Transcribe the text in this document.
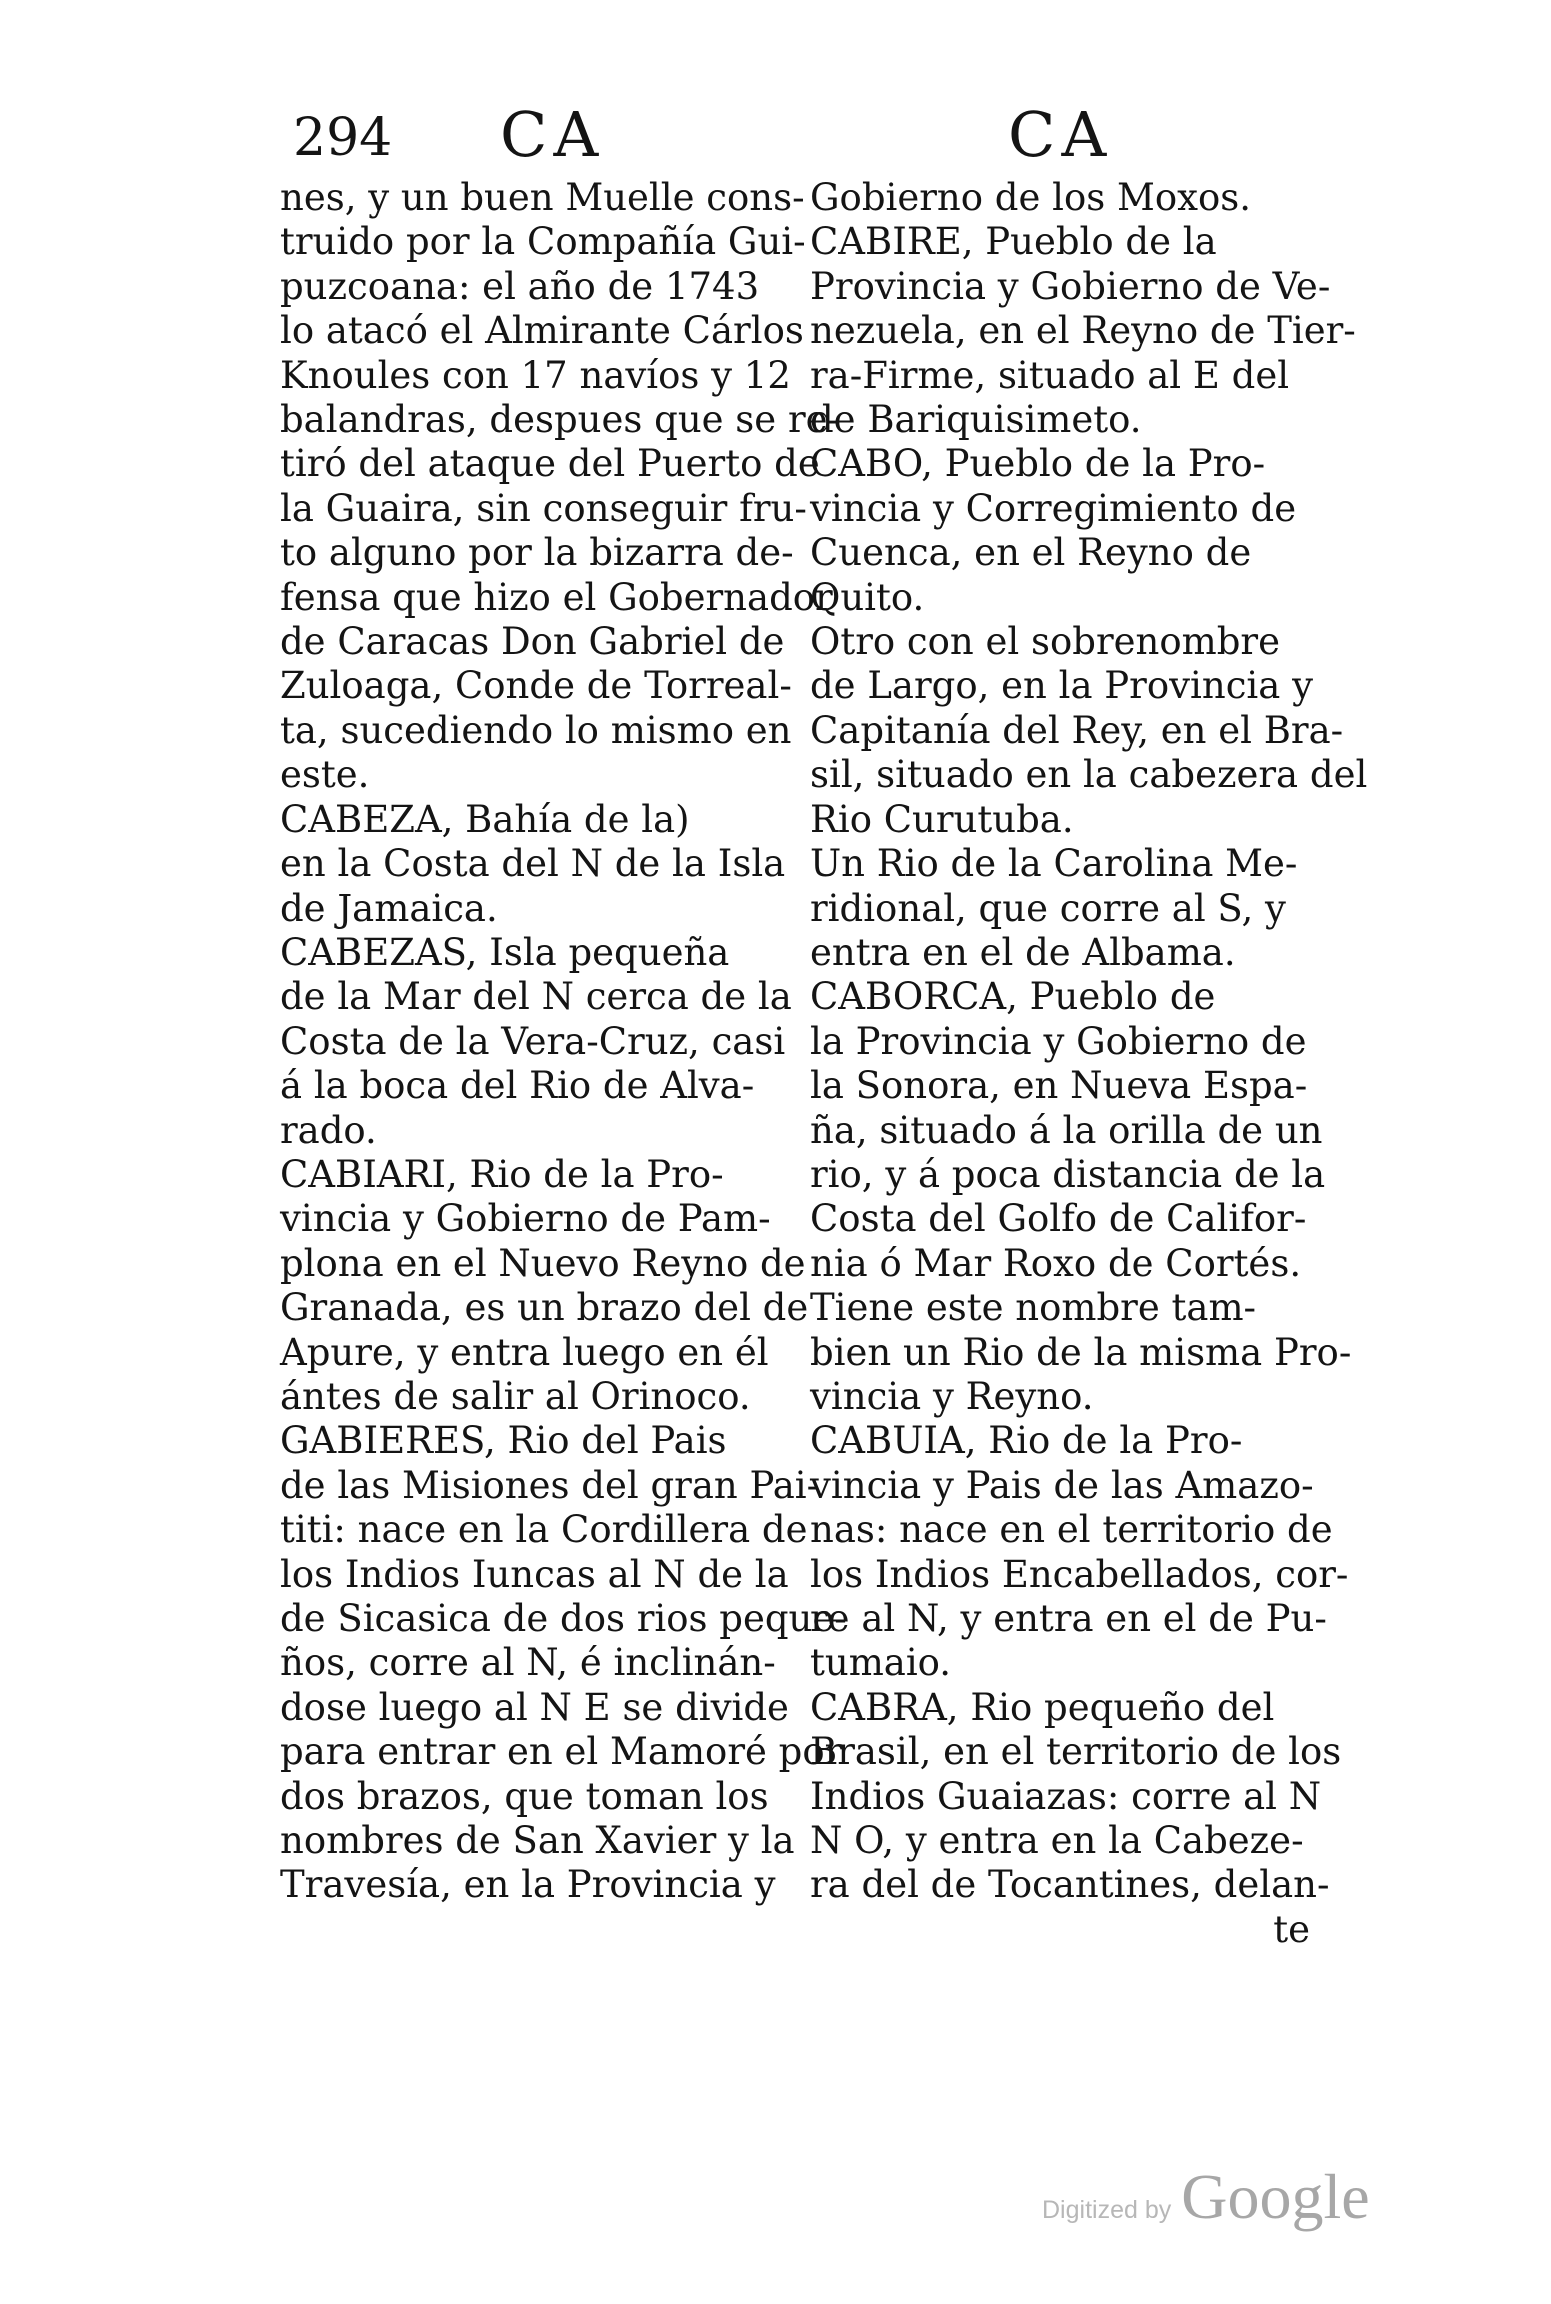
294 CA	CA
nes, y un buen Muelle cons-
truido por la Compañía Gui-
puzcoana: el año de 1743
lo atacó el Almirante Cárlos
Knoules con 17 navíos y 12
balandras, despues que se re-
tiró del ataque del Puerto de
la Guaira, sin conseguir fru-
to alguno por la bizarra de-
fensa que hizo el Gobernador
de Caracas Don Gabriel de
Zuloaga, Conde de Torreal-
ta, sucediendo lo mismo en
este.
CABEZA, Bahía de la)
en la Costa del N de la Isla
de Jamaica.
CABEZAS, Isla pequeña
de la Mar del N cerca de la
Costa de la Vera-Cruz, casi
á la boca del Rio de Alva-
rado.
CABIARI, Rio de la Pro-
vincia y Gobierno de Pam-
plona en el Nuevo Reyno de
Granada, es un brazo del de
Apure, y entra luego en él
ántes de salir al Orinoco.
GABIERES, Rio del Pais
de las Misiones del gran Pai-
titi: nace en la Cordillera de
los Indios Iuncas al N de la
de Sicasica de dos rios peque-
ños, corre al N, é inclinán-
dose luego al N E se divide
para entrar en el Mamoré por
dos brazos, que toman los
nombres de San Xavier y la
Travesía, en la Provincia y
Gobierno de los Moxos.
CABIRE, Pueblo de la
Provincia y Gobierno de Ve-
nezuela, en el Reyno de Tier-
ra-Firme, situado al E del
de Bariquisimeto.
CABO, Pueblo de la Pro-
vincia y Corregimiento de
Cuenca, en el Reyno de
Quito.
Otro con el sobrenombre
de Largo, en la Provincia y
Capitanía del Rey, en el Bra-
sil, situado en la cabezera del
Rio Curutuba.
Un Rio de la Carolina Me-
ridional, que corre al S, y
entra en el de Albama.
CABORCA, Pueblo de
la Provincia y Gobierno de
la Sonora, en Nueva Espa-
ña, situado á la orilla de un
rio, y á poca distancia de la
Costa del Golfo de Califor-
nia ó Mar Roxo de Cortés.
Tiene este nombre tam-
bien un Rio de la misma Pro-
vincia y Reyno.
CABUIA, Rio de la Pro-
vincia y Pais de las Amazo-
nas: nace en el territorio de
los Indios Encabellados, cor-
re al N, y entra en el de Pu-
tumaio.
CABRA, Rio pequeño del
Brasil, en el territorio de los
Indios Guaiazas: corre al N
N O, y entra en la Cabeze-
ra del de Tocantines, delan-
te
Digitized by Google
